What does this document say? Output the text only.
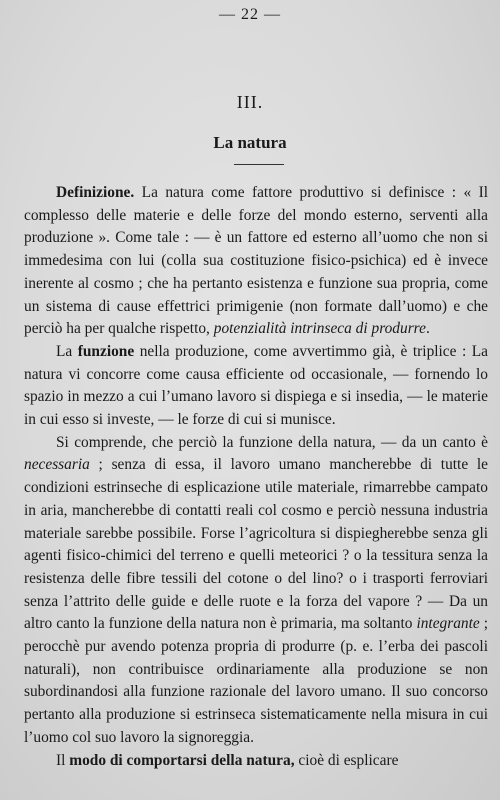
— 22 —
III.
La natura

Definizione. La natura come fattore produttivo si definisce : « Il complesso delle materie e delle forze del mondo esterno, serventi alla produzione ». Come tale : — è un fattore ed esterno all’uomo che non si immedesima con lui (colla sua costituzione fisico-psichica) ed è invece inerente al cosmo ; che ha pertanto esistenza e funzione sua propria, come un sistema di cause effettrici primigenie (non formate dall’uomo) e che perciò ha per qualche rispetto, potenzialità intrinseca di produrre.

La funzione nella produzione, come avvertimmo già, è triplice : La natura vi concorre come causa efficiente od occasionale, — fornendo lo spazio in mezzo a cui l’umano lavoro si dispiega e si insedia, — le materie in cui esso si investe, — le forze di cui si munisce.

Si comprende, che perciò la funzione della natura, — da un canto è necessaria ; senza di essa, il lavoro umano mancherebbe di tutte le condizioni estrinseche di esplicazione utile materiale, rimarrebbe campato in aria, mancherebbe di contatti reali col cosmo e perciò nessuna industria materiale sarebbe possibile. Forse l’agricoltura si dispiegherebbe senza gli agenti fisico-chimici del terreno e quelli meteorici ? o la tessitura senza la resistenza delle fibre tessili del cotone o del lino? o i trasporti ferroviari senza l’attrito delle guide e delle ruote e la forza del vapore ? — Da un altro canto la funzione della natura non è primaria, ma soltanto integrante ; perocchè pur avendo potenza propria di produrre (p. e. l’erba dei pascoli naturali), non contribuisce ordinariamente alla produzione se non subordinandosi alla funzione razionale del lavoro umano. Il suo concorso pertanto alla produzione si estrinseca sistematicamente nella misura in cui l’uomo col suo lavoro la signoreggia.

Il modo di comportarsi della natura, cioè di esplicare
